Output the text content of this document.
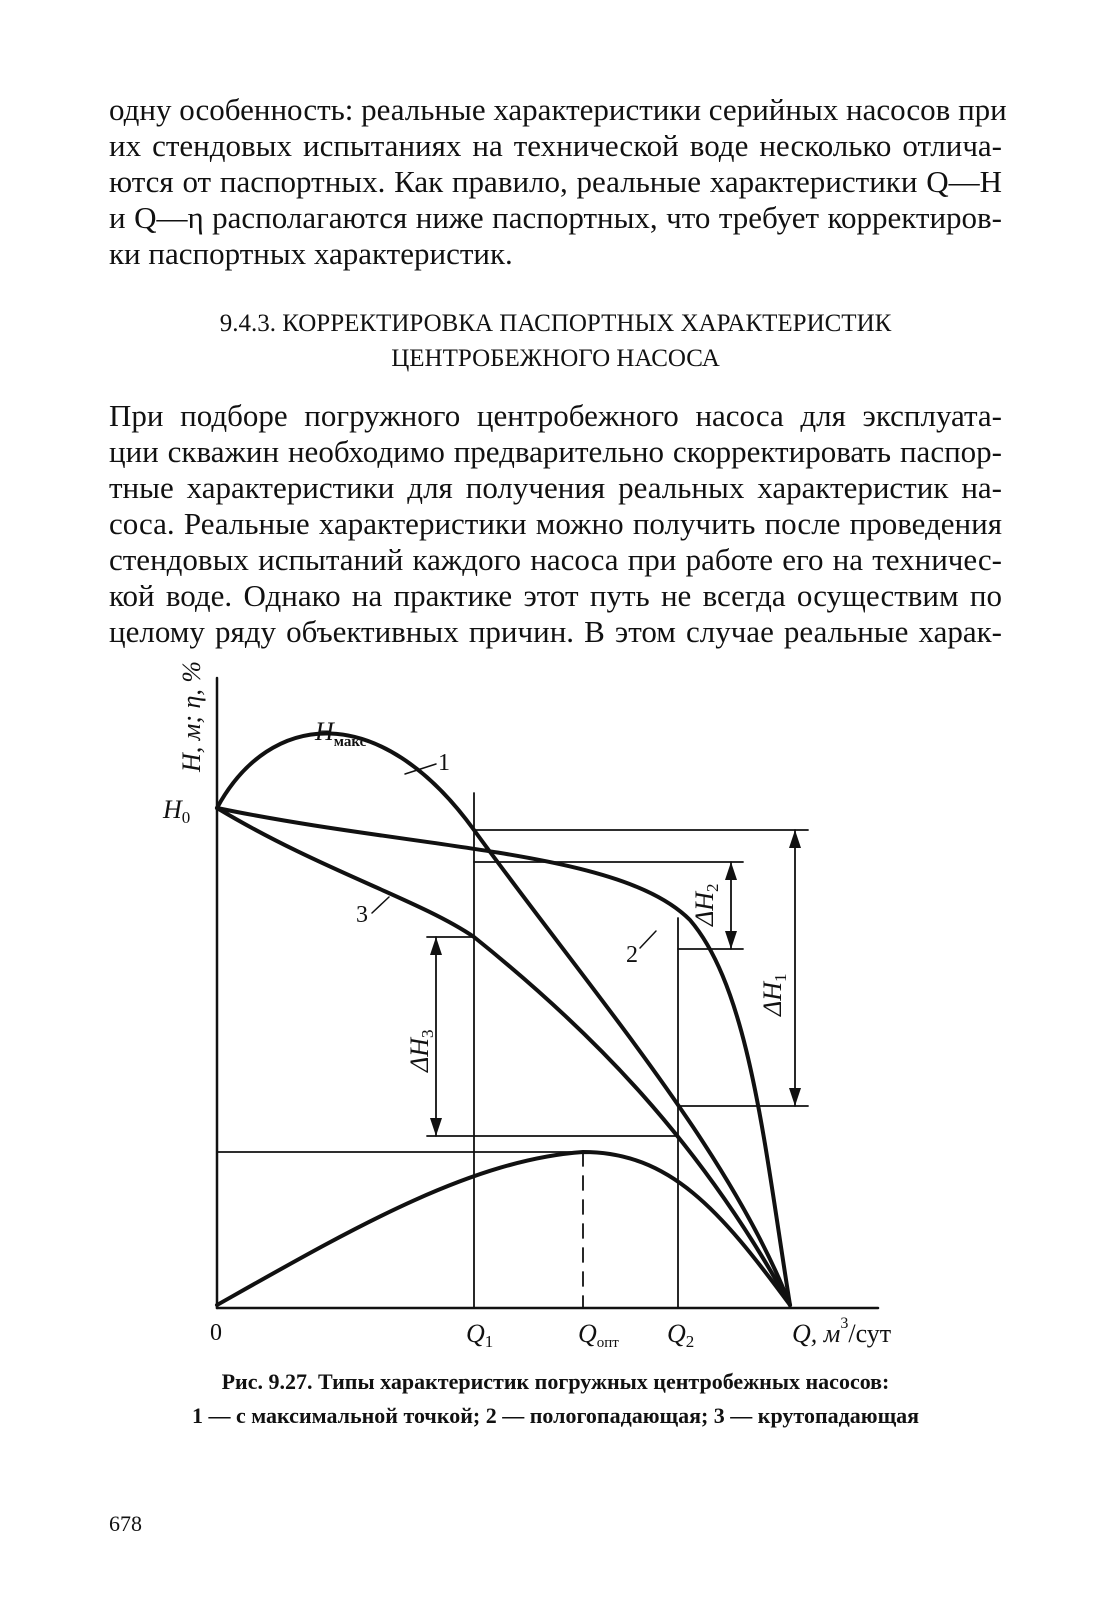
одну особенность: реальные характеристики серийных насосов при
их стендовых испытаниях на технической воде несколько отлича-
ются от паспортных. Как правило, реальные характеристики Q—H
и Q—η располагаются ниже паспортных, что требует корректиров-
ки паспортных характеристик.
9.4.3. КОРРЕКТИРОВКА ПАСПОРТНЫХ ХАРАКТЕРИСТИК
ЦЕНТРОБЕЖНОГО НАСОСА
При подборе погружного центробежного насоса для эксплуата-
ции скважин необходимо предварительно скорректировать паспор-
тные характеристики для получения реальных характеристик на-
соса. Реальные характеристики можно получить после проведения
стендовых испытаний каждого насоса при работе его на техничес-
кой воде. Однако на практике этот путь не всегда осуществим по
целому ряду объективных причин. В этом случае реальные харак-
H, м; η, %
H0
$H_{макс}$
1
2
3
ΔH1
ΔH2
ΔH3
0	Q1	Qопт Q2	Q, $м^3$/сут

Рис. 9.27. Типы характеристик погружных центробежных насосов:
1 — с максимальной точкой; 2 — пологопадающая; 3 — крутопадающая

678
